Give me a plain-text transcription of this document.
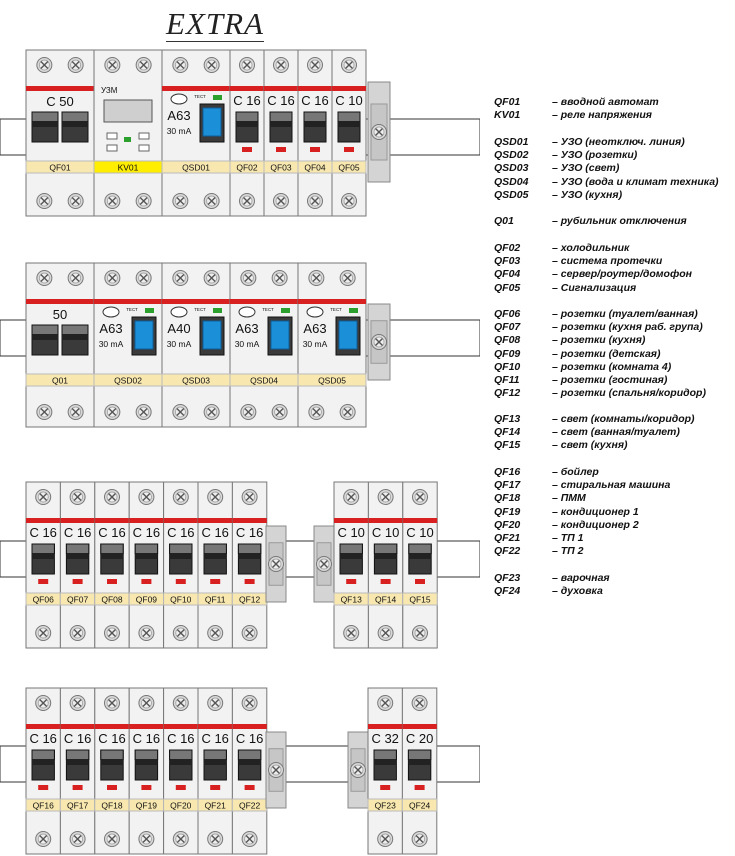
EXTRA
C 50
QF01
УЗМ
KV01
ТЕСТ
A63
30 mA
QSD01
C 16
QF02
C 16
QF03
C 16
QF04
C 10
QF05
50
Q01
ТЕСТ
A63
30 mA
QSD02
ТЕСТ
A40
30 mA
QSD03
ТЕСТ
A63
30 mA
QSD04
ТЕСТ
A63
30 mA
QSD05
C 16
QF06
C 16
QF07
C 16
QF08
C 16
QF09
C 16
QF10
C 16
QF11
C 16
QF12
C 10
QF13
C 10
QF14
C 10
QF15
C 16
QF16
C 16
QF17
C 16
QF18
C 16
QF19
C 16
QF20
C 16
QF21
C 16
QF22
C 32
QF23
C 20
QF24
QF01	– вводной автомат
KV01	– реле напряжения
QSD01 – УЗО (неотключ. линия)
QSD02 – УЗО (розетки)
QSD03 – УЗО (свет)
QSD04 – УЗО (вода и климат техника)
QSD05 – УЗО (кухня)
Q01	– рубильник отключения
QF02	– холодильник
QF03	– система протечки
QF04	– сервер/роутер/домофон
QF05	– Сигнализация
QF06	– розетки (туалет/ванная)
QF07	– розетки (кухня раб. групa)
QF08	– розетки (кухня)
QF09	– розетки (детская)
QF10	– розетки (комната 4)
QF11	– розетки (гостиная)
QF12	– розетки (спальня/коридор)
QF13	– свет (комнаты/коридор)
QF14	– свет (ванная/туалет)
QF15	– свет (кухня)
QF16	– бойлер
QF17	– стиральная машина
QF18	– ПММ
QF19	– кондиционер 1
QF20	– кондиционер 2
QF21	– ТП 1
QF22	– ТП 2
QF23	– варочная
QF24	– духовка
